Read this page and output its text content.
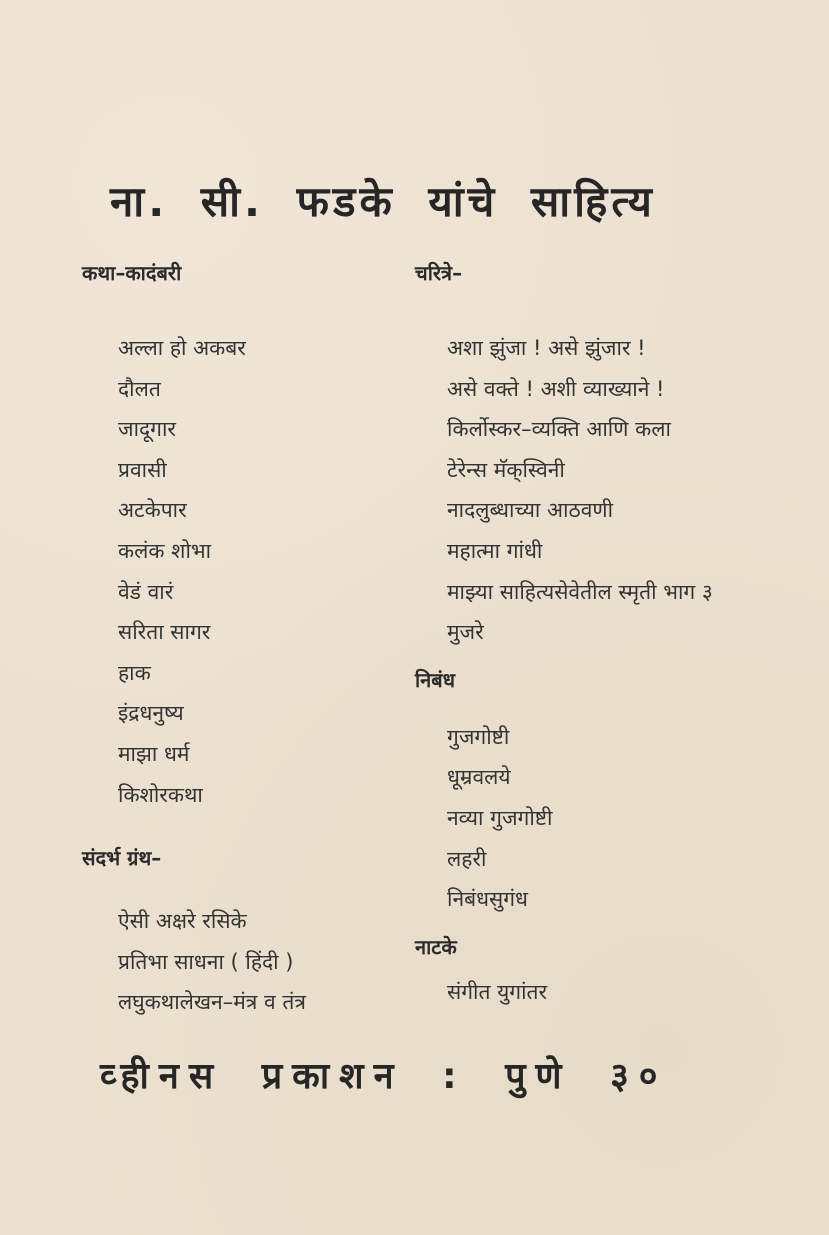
ना. सी. फडके यांचे साहित्य
कथा–कादंबरी
अल्ला हो अकबर
दौलत
जादूगार
प्रवासी
अटकेपार
कलंक शोभा
वेडं वारं
सरिता सागर
हाक
इंद्रधनुष्य
माझा धर्म
किशोरकथा
संदर्भ ग्रंथ–
ऐसी अक्षरे रसिके
प्रतिभा साधना ( हिंदी )
लघुकथालेखन–मंत्र व तंत्र
चरित्रे–
अशा झुंजा ! असे झुंजार !
असे वक्ते ! अशी व्याख्याने !
किर्लोस्कर–व्यक्ति आणि कला
टेरेन्स मॅक्‌स्विनी
नादलुब्धाच्या आठवणी
महात्मा गांधी
माझ्या साहित्यसेवेतील स्मृती भाग ३
मुजरे
निबंध
गुजगोष्टी
धूम्रवलये
नव्या गुजगोष्टी
लहरी
निबंधसुगंध
नाटके
संगीत युगांतर
व्हीनस प्रकाशन : पुणे ३०
